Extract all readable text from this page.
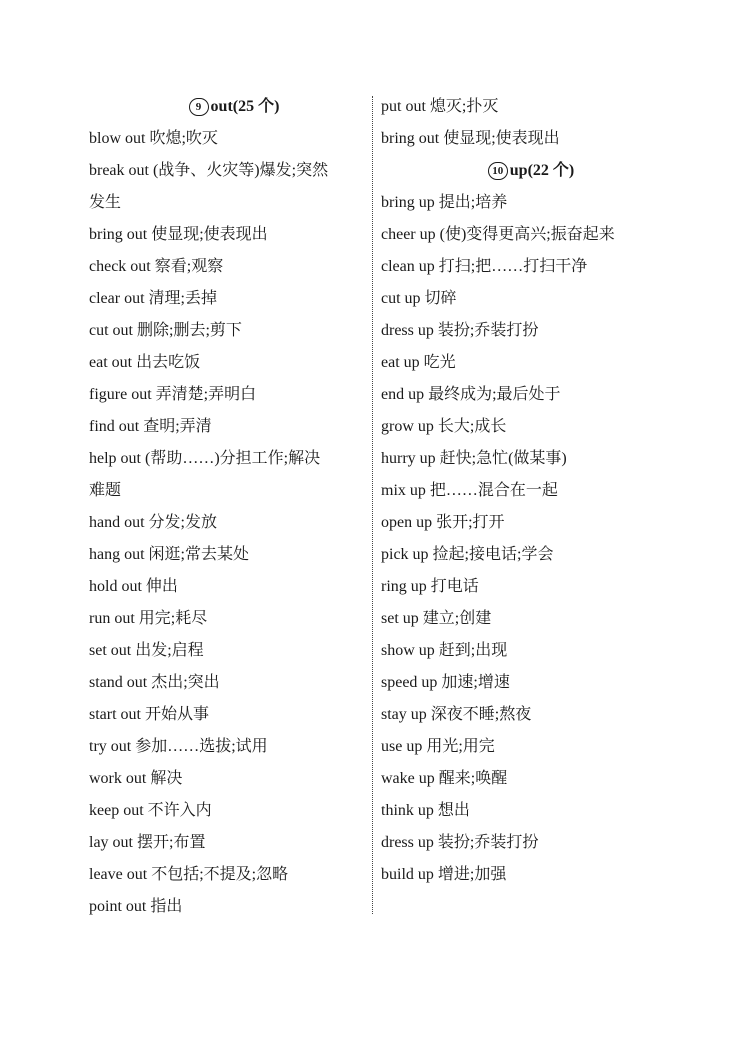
9 out(25 个)
blow out 吹熄;吹灭
break out (战争、火灾等)爆发;突然
发生
bring out 使显现;使表现出
check out 察看;观察
clear out 清理;丢掉
cut out 删除;删去;剪下
eat out 出去吃饭
figure out 弄清楚;弄明白
find out 查明;弄清
help out (帮助……)分担工作;解决
难题
hand out 分发;发放
hang out 闲逛;常去某处
hold out 伸出
run out 用完;耗尽
set out 出发;启程
stand out 杰出;突出
start out 开始从事
try out 参加……选拔;试用
work out 解决
keep out 不许入内
lay out 摆开;布置
leave out 不包括;不提及;忽略
point out 指出
put out 熄灭;扑灭
bring out 使显现;使表现出
10 up(22 个)
bring up 提出;培养
cheer up (使)变得更高兴;振奋起来
clean up 打扫;把……打扫干净
cut up 切碎
dress up 装扮;乔装打扮
eat up 吃光
end up 最终成为;最后处于
grow up 长大;成长
hurry up 赶快;急忙(做某事)
mix up 把……混合在一起
open up 张开;打开
pick up 捡起;接电话;学会
ring up 打电话
set up 建立;创建
show up 赶到;出现
speed up 加速;增速
stay up 深夜不睡;熬夜
use up 用光;用完
wake up 醒来;唤醒
think up 想出
dress up 装扮;乔装打扮
build up 增进;加强
